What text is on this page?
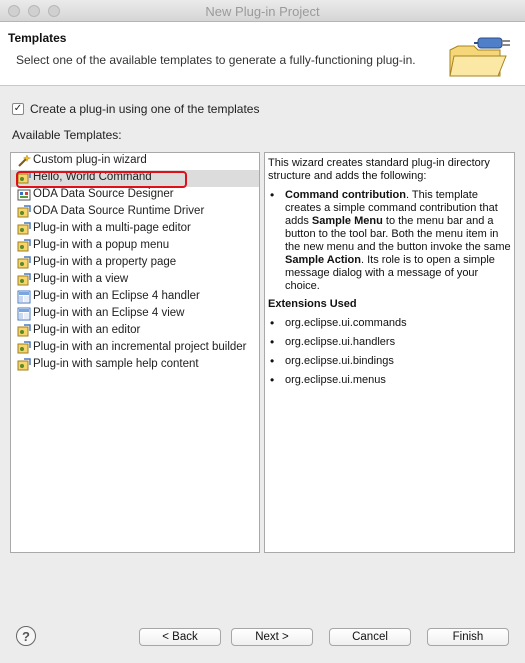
New Plug-in Project
Templates
Select one of the available templates to generate a fully-functioning plug-in.
✓ Create a plug-in using one of the templates
Available Templates:
Custom plug-in wizard
Hello, World Command
ODA Data Source Designer
ODA Data Source Runtime Driver
Plug-in with a multi-page editor
Plug-in with a popup menu
Plug-in with a property page
Plug-in with a view
Plug-in with an Eclipse 4 handler
Plug-in with an Eclipse 4 view
Plug-in with an editor
Plug-in with an incremental project builder
Plug-in with sample help content
This wizard creates standard plug-in directory structure and adds the following:
• Command contribution. This template creates a simple command contribution that adds Sample Menu to the menu bar and a button to the tool bar. Both the menu item in the new menu and the button invoke the same Sample Action. Its role is to open a simple message dialog with a message of your choice.
Extensions Used
• org.eclipse.ui.commands
• org.eclipse.ui.handlers
• org.eclipse.ui.bindings
• org.eclipse.ui.menus
?	< Back	Next >	Cancel	Finish
